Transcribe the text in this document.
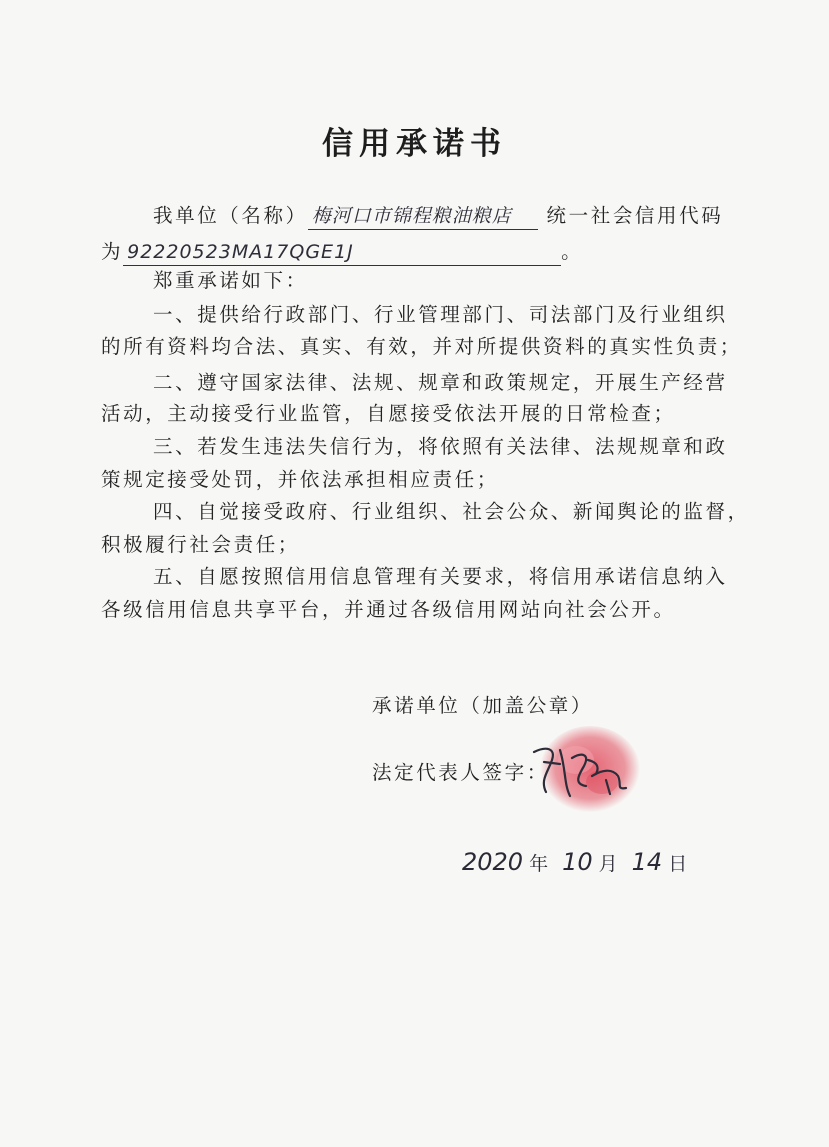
信用承诺书
我单位（名称） 梅河口市锦程粮油粮店 统一社会信用代码
为 92220523MA17QGE1J	。
郑重承诺如下：
一、提供给行政部门、行业管理部门、司法部门及行业组织
的所有资料均合法、真实、有效，并对所提供资料的真实性负责；
二、遵守国家法律、法规、规章和政策规定，开展生产经营
活动，主动接受行业监管，自愿接受依法开展的日常检查；
三、若发生违法失信行为，将依照有关法律、法规规章和政
策规定接受处罚，并依法承担相应责任；
四、自觉接受政府、行业组织、社会公众、新闻舆论的监督，
积极履行社会责任；
五、自愿按照信用信息管理有关要求，将信用承诺信息纳入
各级信用信息共享平台，并通过各级信用网站向社会公开。
承诺单位（加盖公章）
法定代表人签字：
2020 年 10 月 14 日
